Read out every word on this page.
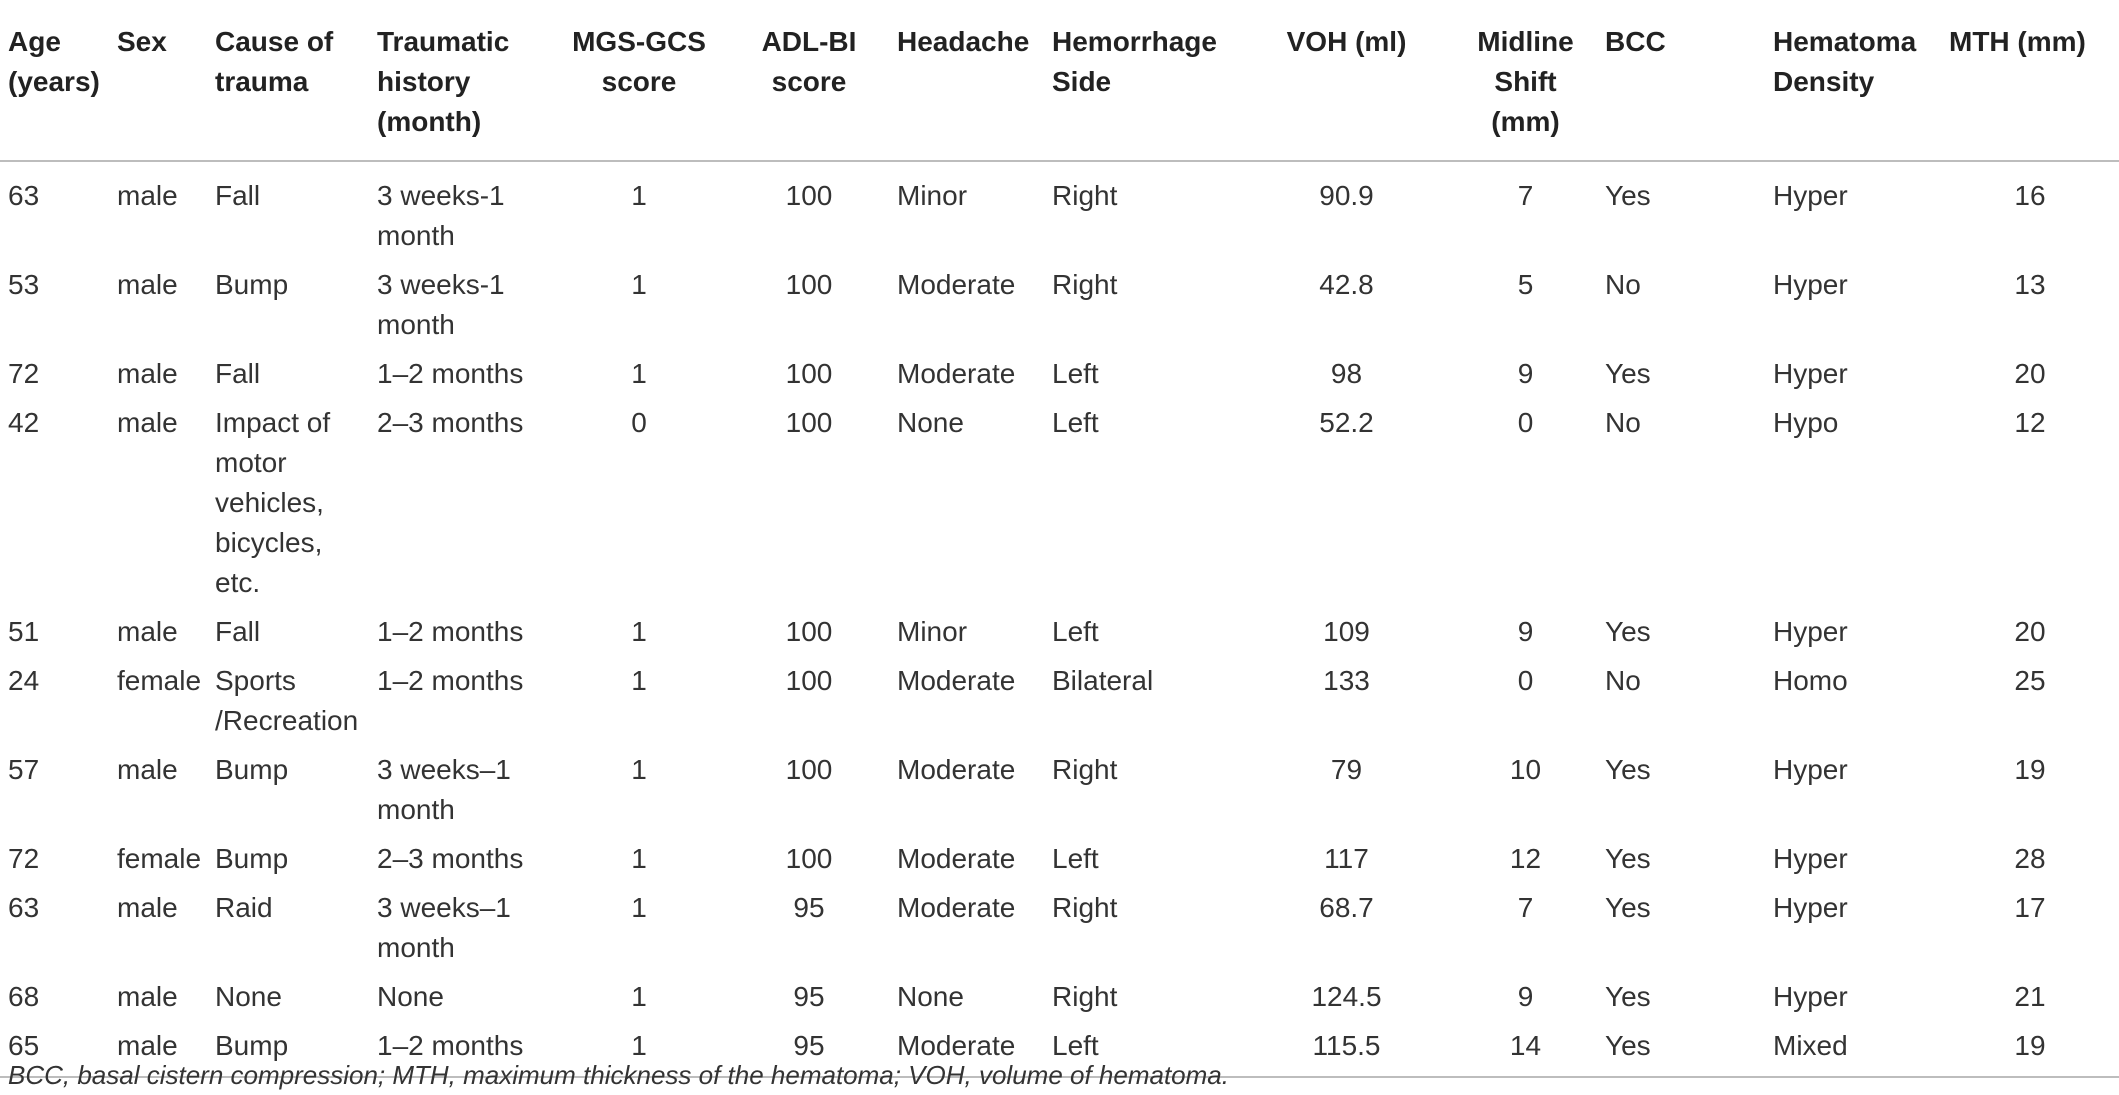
Age (years)	Sex	Cause of trauma	Traumatic history (month)	MGS-GCS score	ADL-BI score	Headache	Hemorrhage Side	VOH (ml)	Midline Shift (mm)	BCC	Hematoma Density	MTH (mm)
63	male	Fall	3 weeks-1 month	1	100	Minor	Right	90.9	7	Yes	Hyper	16
53	male	Bump	3 weeks-1 month	1	100	Moderate	Right	42.8	5	No	Hyper	13
72	male	Fall	1–2 months	1	100	Moderate	Left	98	9	Yes	Hyper	20
42	male	Impact of motor vehicles, bicycles, etc.	2–3 months	0	100	None	Left	52.2	0	No	Hypo	12
51	male	Fall	1–2 months	1	100	Minor	Left	109	9	Yes	Hyper	20
24	female	Sports /Recreation	1–2 months	1	100	Moderate	Bilateral	133	0	No	Homo	25
57	male	Bump	3 weeks–1 month	1	100	Moderate	Right	79	10	Yes	Hyper	19
72	female	Bump	2–3 months	1	100	Moderate	Left	117	12	Yes	Hyper	28
63	male	Raid	3 weeks–1 month	1	95	Moderate	Right	68.7	7	Yes	Hyper	17
68	male	None	None	1	95	None	Right	124.5	9	Yes	Hyper	21
65	male	Bump	1–2 months	1	95	Moderate	Left	115.5	14	Yes	Mixed	19
BCC, basal cistern compression; MTH, maximum thickness of the hematoma; VOH, volume of hematoma.
